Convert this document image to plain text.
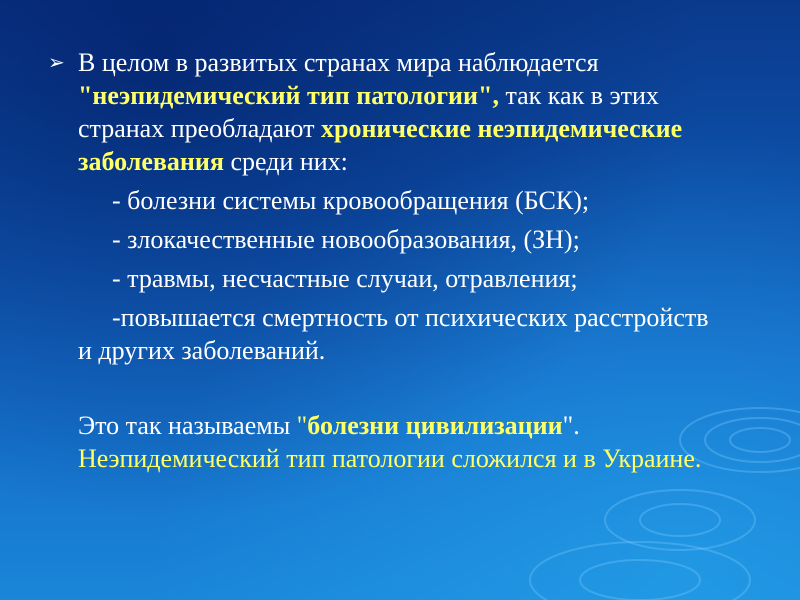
➢ В целом в развитых странах мира наблюдается "неэпидемический тип патологии", так как в этих странах преобладают хронические неэпидемические заболевания среди них:
- болезни системы кровообращения (БСК);
- злокачественные новообразования, (ЗН);
- травмы, несчастные случаи, отравления;
-повышается смертность от психических расстройств и других заболеваний.
Это так называемы "болезни цивилизации". Неэпидемический тип патологии сложился и в Украине.
